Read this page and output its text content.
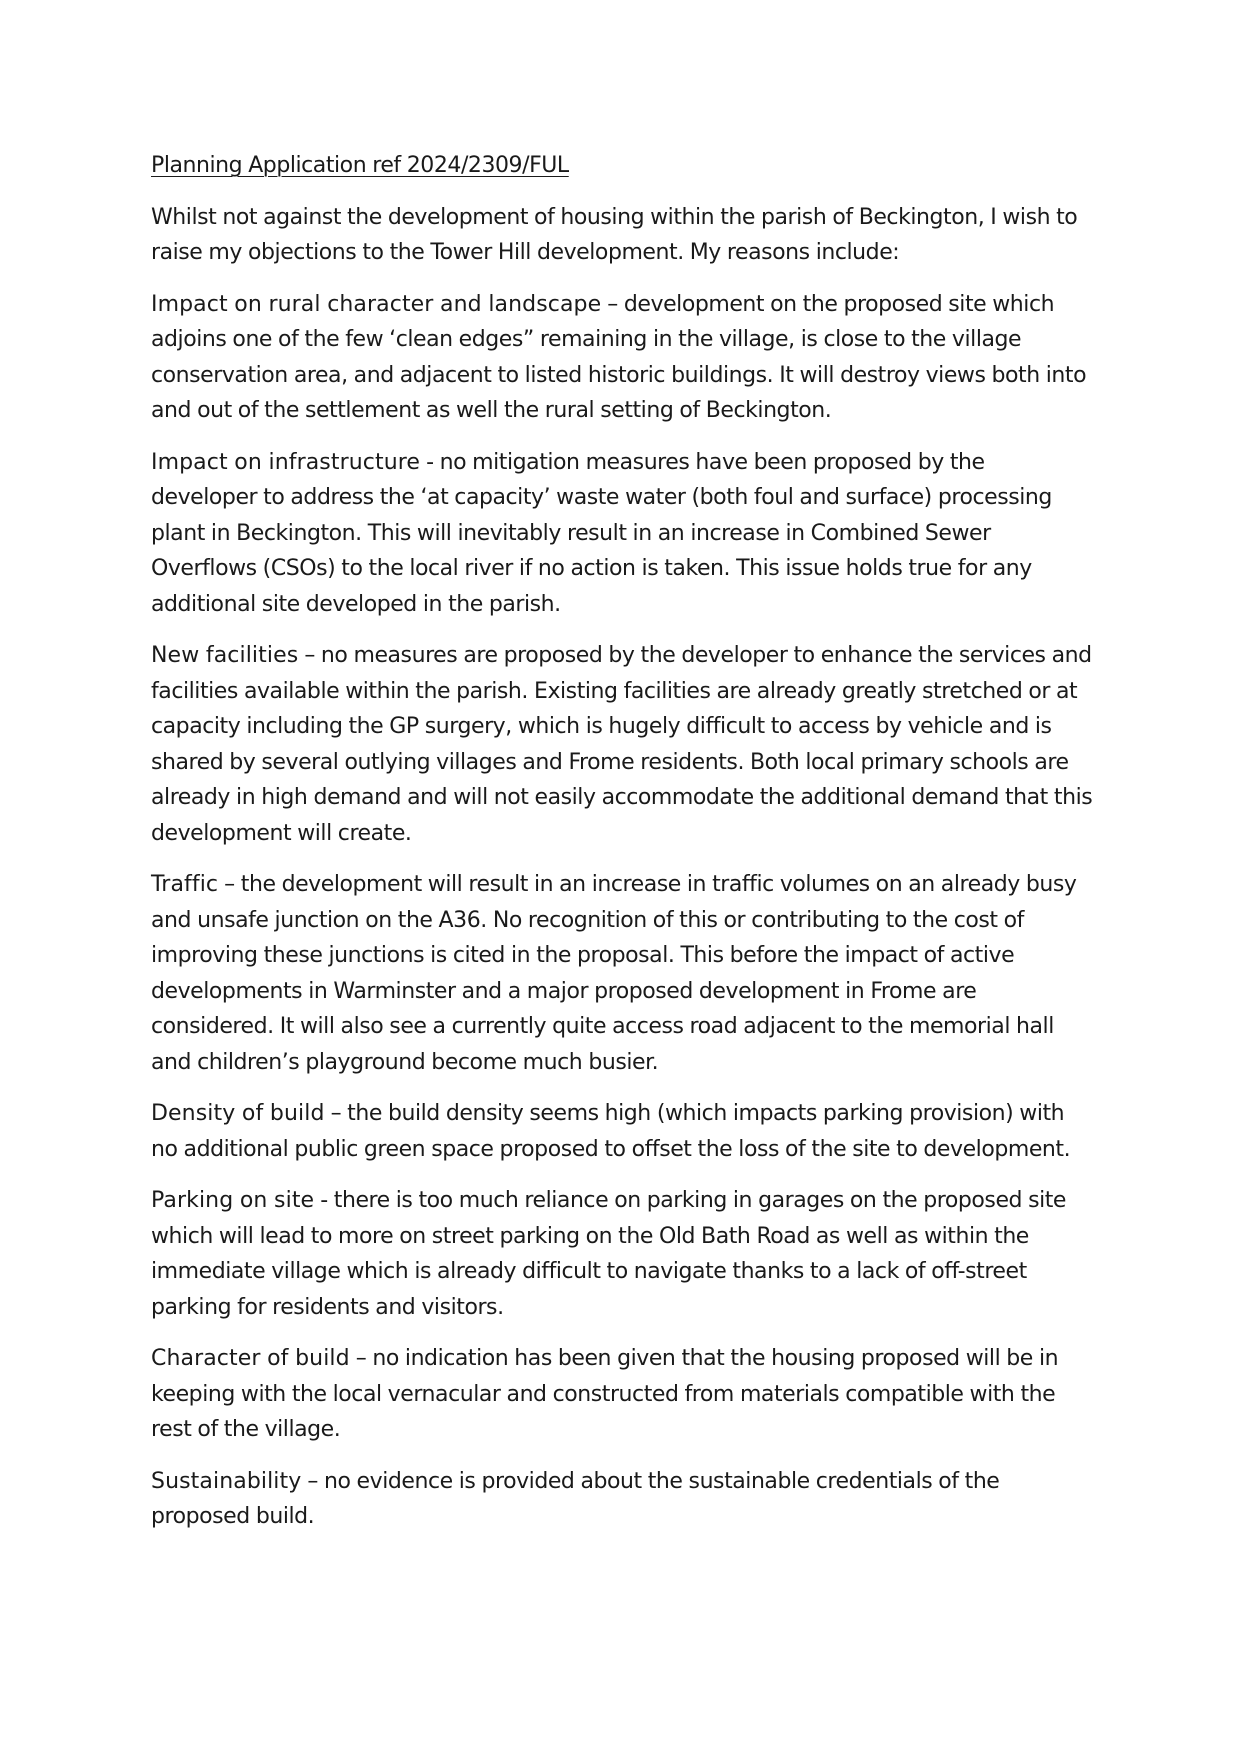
Planning Application ref 2024/2309/FUL

Whilst not against the development of housing within the parish of Beckington, I wish to raise my objections to the Tower Hill development. My reasons include:

Impact on rural character and landscape – development on the proposed site which adjoins one of the few ‘clean edges” remaining in the village, is close to the village conservation area, and adjacent to listed historic buildings. It will destroy views both into and out of the settlement as well the rural setting of Beckington.

Impact on infrastructure - no mitigation measures have been proposed by the developer to address the ‘at capacity’ waste water (both foul and surface) processing plant in Beckington. This will inevitably result in an increase in Combined Sewer Overflows (CSOs) to the local river if no action is taken. This issue holds true for any additional site developed in the parish.

New facilities – no measures are proposed by the developer to enhance the services and facilities available within the parish. Existing facilities are already greatly stretched or at capacity including the GP surgery, which is hugely difficult to access by vehicle and is shared by several outlying villages and Frome residents. Both local primary schools are already in high demand and will not easily accommodate the additional demand that this development will create.

Traffic – the development will result in an increase in traffic volumes on an already busy and unsafe junction on the A36. No recognition of this or contributing to the cost of improving these junctions is cited in the proposal. This before the impact of active developments in Warminster and a major proposed development in Frome are considered. It will also see a currently quite access road adjacent to the memorial hall and children’s playground become much busier.

Density of build – the build density seems high (which impacts parking provision) with no additional public green space proposed to offset the loss of the site to development.

Parking on site - there is too much reliance on parking in garages on the proposed site which will lead to more on street parking on the Old Bath Road as well as within the immediate village which is already difficult to navigate thanks to a lack of off-street parking for residents and visitors.

Character of build – no indication has been given that the housing proposed will be in keeping with the local vernacular and constructed from materials compatible with the rest of the village.

Sustainability – no evidence is provided about the sustainable credentials of the proposed build.
